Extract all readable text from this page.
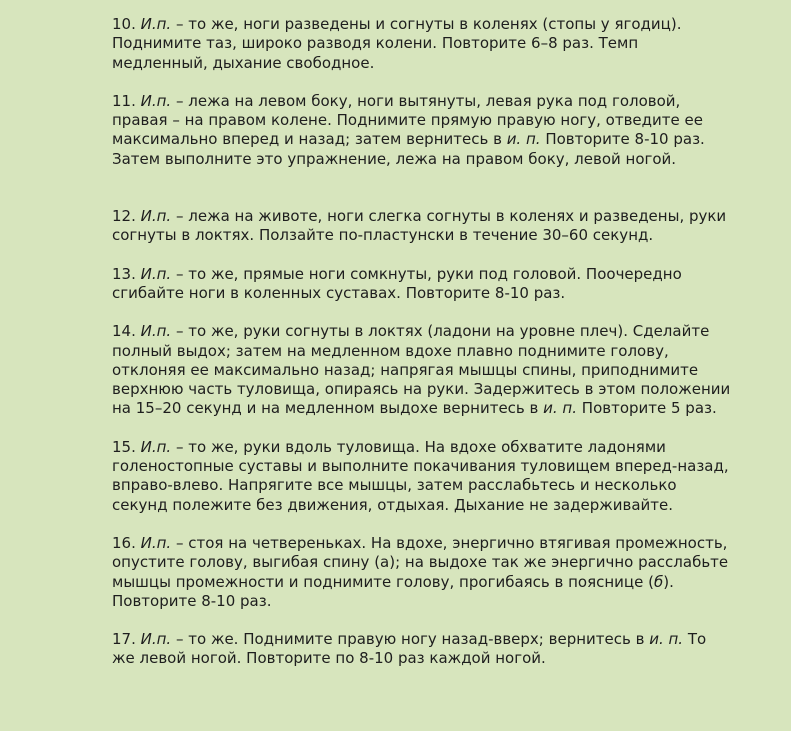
10. И.п. – то же, ноги разведены и согнуты в коленях (стопы у ягодиц). Поднимите таз, широко разводя колени. Повторите 6–8 раз. Темп медленный, дыхание свободное.

11. И.п. – лежа на левом боку, ноги вытянуты, левая рука под головой, правая – на правом колене. Поднимите прямую правую ногу, отведите ее максимально вперед и назад; затем вернитесь в и. п. Повторите 8-10 раз. Затем выполните это упражнение, лежа на правом боку, левой ногой.

12. И.п. – лежа на животе, ноги слегка согнуты в коленях и разведены, руки согнуты в локтях. Ползайте по-пластунски в течение 30–60 секунд.

13. И.п. – то же, прямые ноги сомкнуты, руки под головой. Поочередно сгибайте ноги в коленных суставах. Повторите 8-10 раз.

14. И.п. – то же, руки согнуты в локтях (ладони на уровне плеч). Сделайте полный выдох; затем на медленном вдохе плавно поднимите голову, отклоняя ее максимально назад; напрягая мышцы спины, приподнимите верхнюю часть туловища, опираясь на руки. Задержитесь в этом положении на 15–20 секунд и на медленном выдохе вернитесь в и. п. Повторите 5 раз.

15. И.п. – то же, руки вдоль туловища. На вдохе обхватите ладонями голеностопные суставы и выполните покачивания туловищем вперед-назад, вправо-влево. Напрягите все мышцы, затем расслабьтесь и несколько секунд полежите без движения, отдыхая. Дыхание не задерживайте.

16. И.п. – стоя на четвереньках. На вдохе, энергично втягивая промежность, опустите голову, выгибая спину (а); на выдохе так же энергично расслабьте мышцы промежности и поднимите голову, прогибаясь в пояснице (б). Повторите 8-10 раз.

17. И.п. – то же. Поднимите правую ногу назад-вверх; вернитесь в и. п. То же левой ногой. Повторите по 8-10 раз каждой ногой.
